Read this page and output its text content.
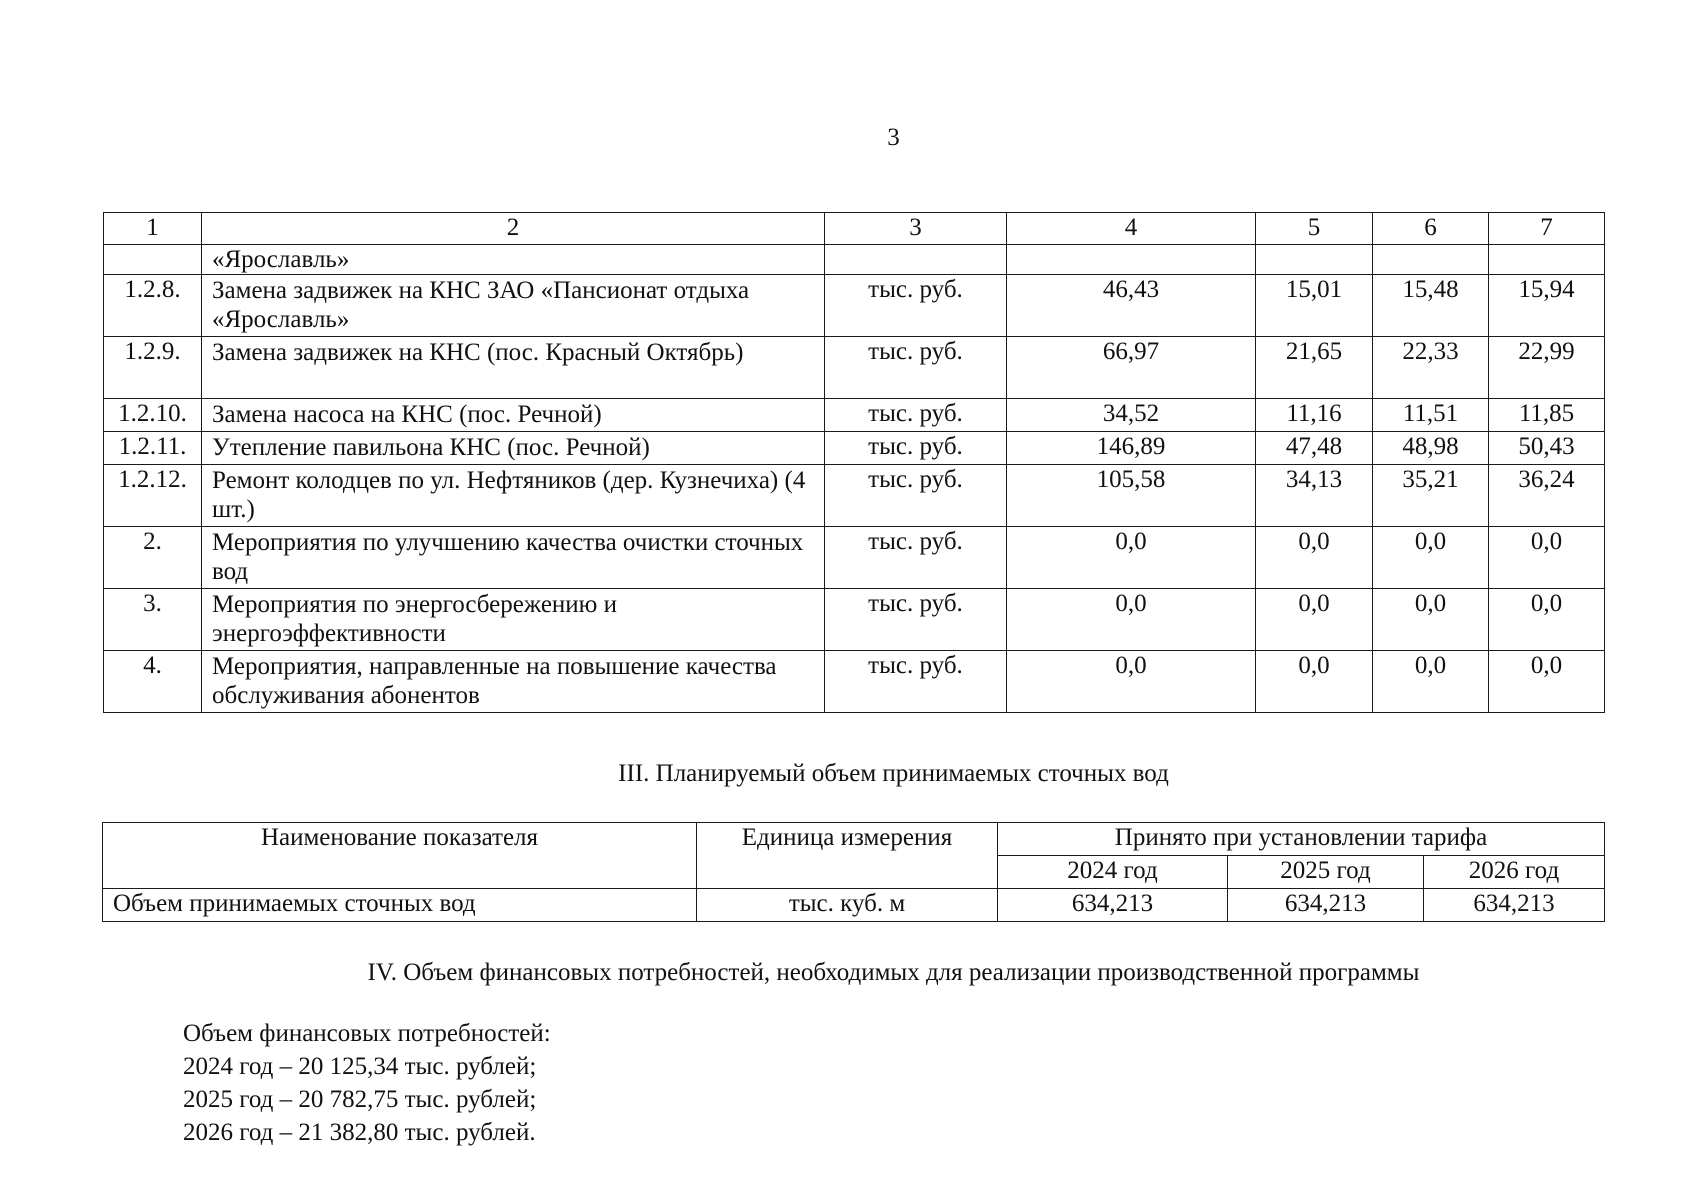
3
1	2	3	4	5	6	7
	«Ярославль»					
1.2.8.	Замена задвижек на КНС ЗАО «Пансионат отдыха «Ярославль»	тыс. руб.	46,43	15,01	15,48	15,94
1.2.9.	Замена задвижек на КНС (пос. Красный Октябрь)	тыс. руб.	66,97	21,65	22,33	22,99
1.2.10.	Замена насоса на КНС (пос. Речной)	тыс. руб.	34,52	11,16	11,51	11,85
1.2.11.	Утепление павильона КНС (пос. Речной)	тыс. руб.	146,89	47,48	48,98	50,43
1.2.12.	Ремонт колодцев по ул. Нефтяников (дер. Кузнечиха) (4 шт.)	тыс. руб.	105,58	34,13	35,21	36,24
2.	Мероприятия по улучшению качества очистки сточных вод	тыс. руб.	0,0	0,0	0,0	0,0
3.	Мероприятия по энергосбережению и энергоэффективности	тыс. руб.	0,0	0,0	0,0	0,0
4.	Мероприятия, направленные на повышение качества обслуживания абонентов	тыс. руб.	0,0	0,0	0,0	0,0
III. Планируемый объем принимаемых сточных вод
Наименование показателя	Единица измерения	Принято при установлении тарифа		
		2024 год	2025 год	2026 год
Объем принимаемых сточных вод	тыс. куб. м	634,213	634,213	634,213
IV. Объем финансовых потребностей, необходимых для реализации производственной программы
Объем финансовых потребностей:
2024 год – 20 125,34 тыс. рублей;
2025 год – 20 782,75 тыс. рублей;
2026 год – 21 382,80 тыс. рублей.
